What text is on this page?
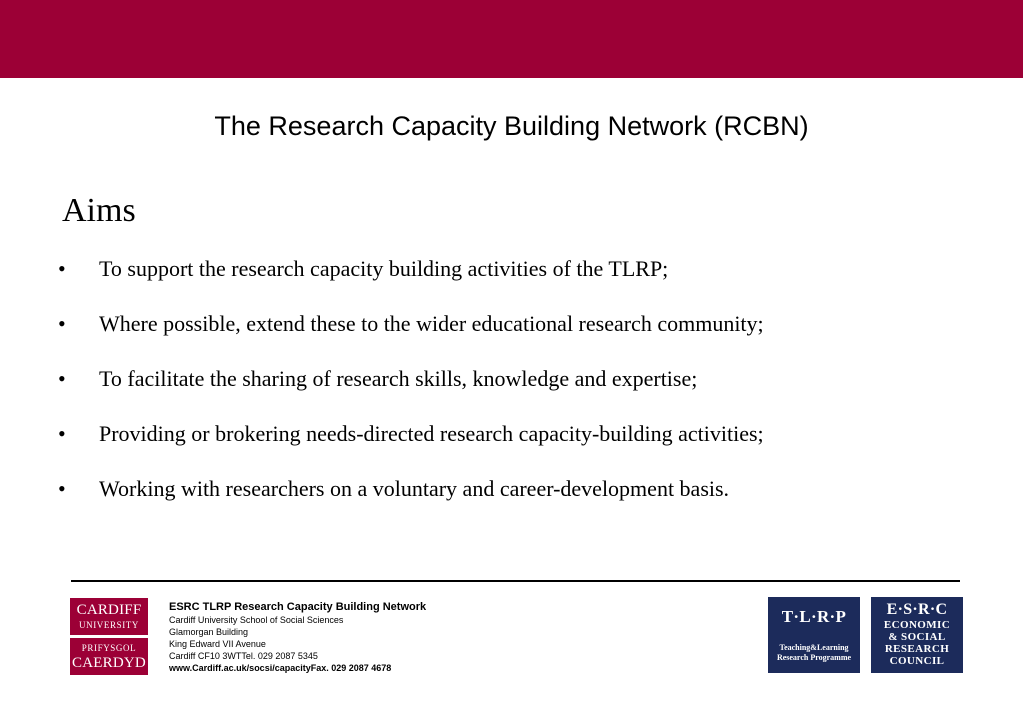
The Research Capacity Building Network (RCBN)
Aims
• To support the research capacity building activities of the TLRP;
• Where possible, extend these to the wider educational research community;
• To facilitate the sharing of research skills, knowledge and expertise;
• Providing or brokering needs-directed research capacity-building activities;
• Working with researchers on a voluntary and career-development basis.
CARDIFF
UNIVERSITY
PRIFYSGOL
CAERDYD
ESRC TLRP Research Capacity Building Network
Cardiff University School of Social Sciences
Glamorgan Building
King Edward VII Avenue
Cardiff CF10 3WTTel. 029 2087 5345
www.Cardiff.ac.uk/socsi/capacityFax. 029 2087 4678
T·L·R·P
Teaching&Learning
Research Programme
E·S·R·C
ECONOMIC
& SOCIAL
RESEARCH
COUNCIL
